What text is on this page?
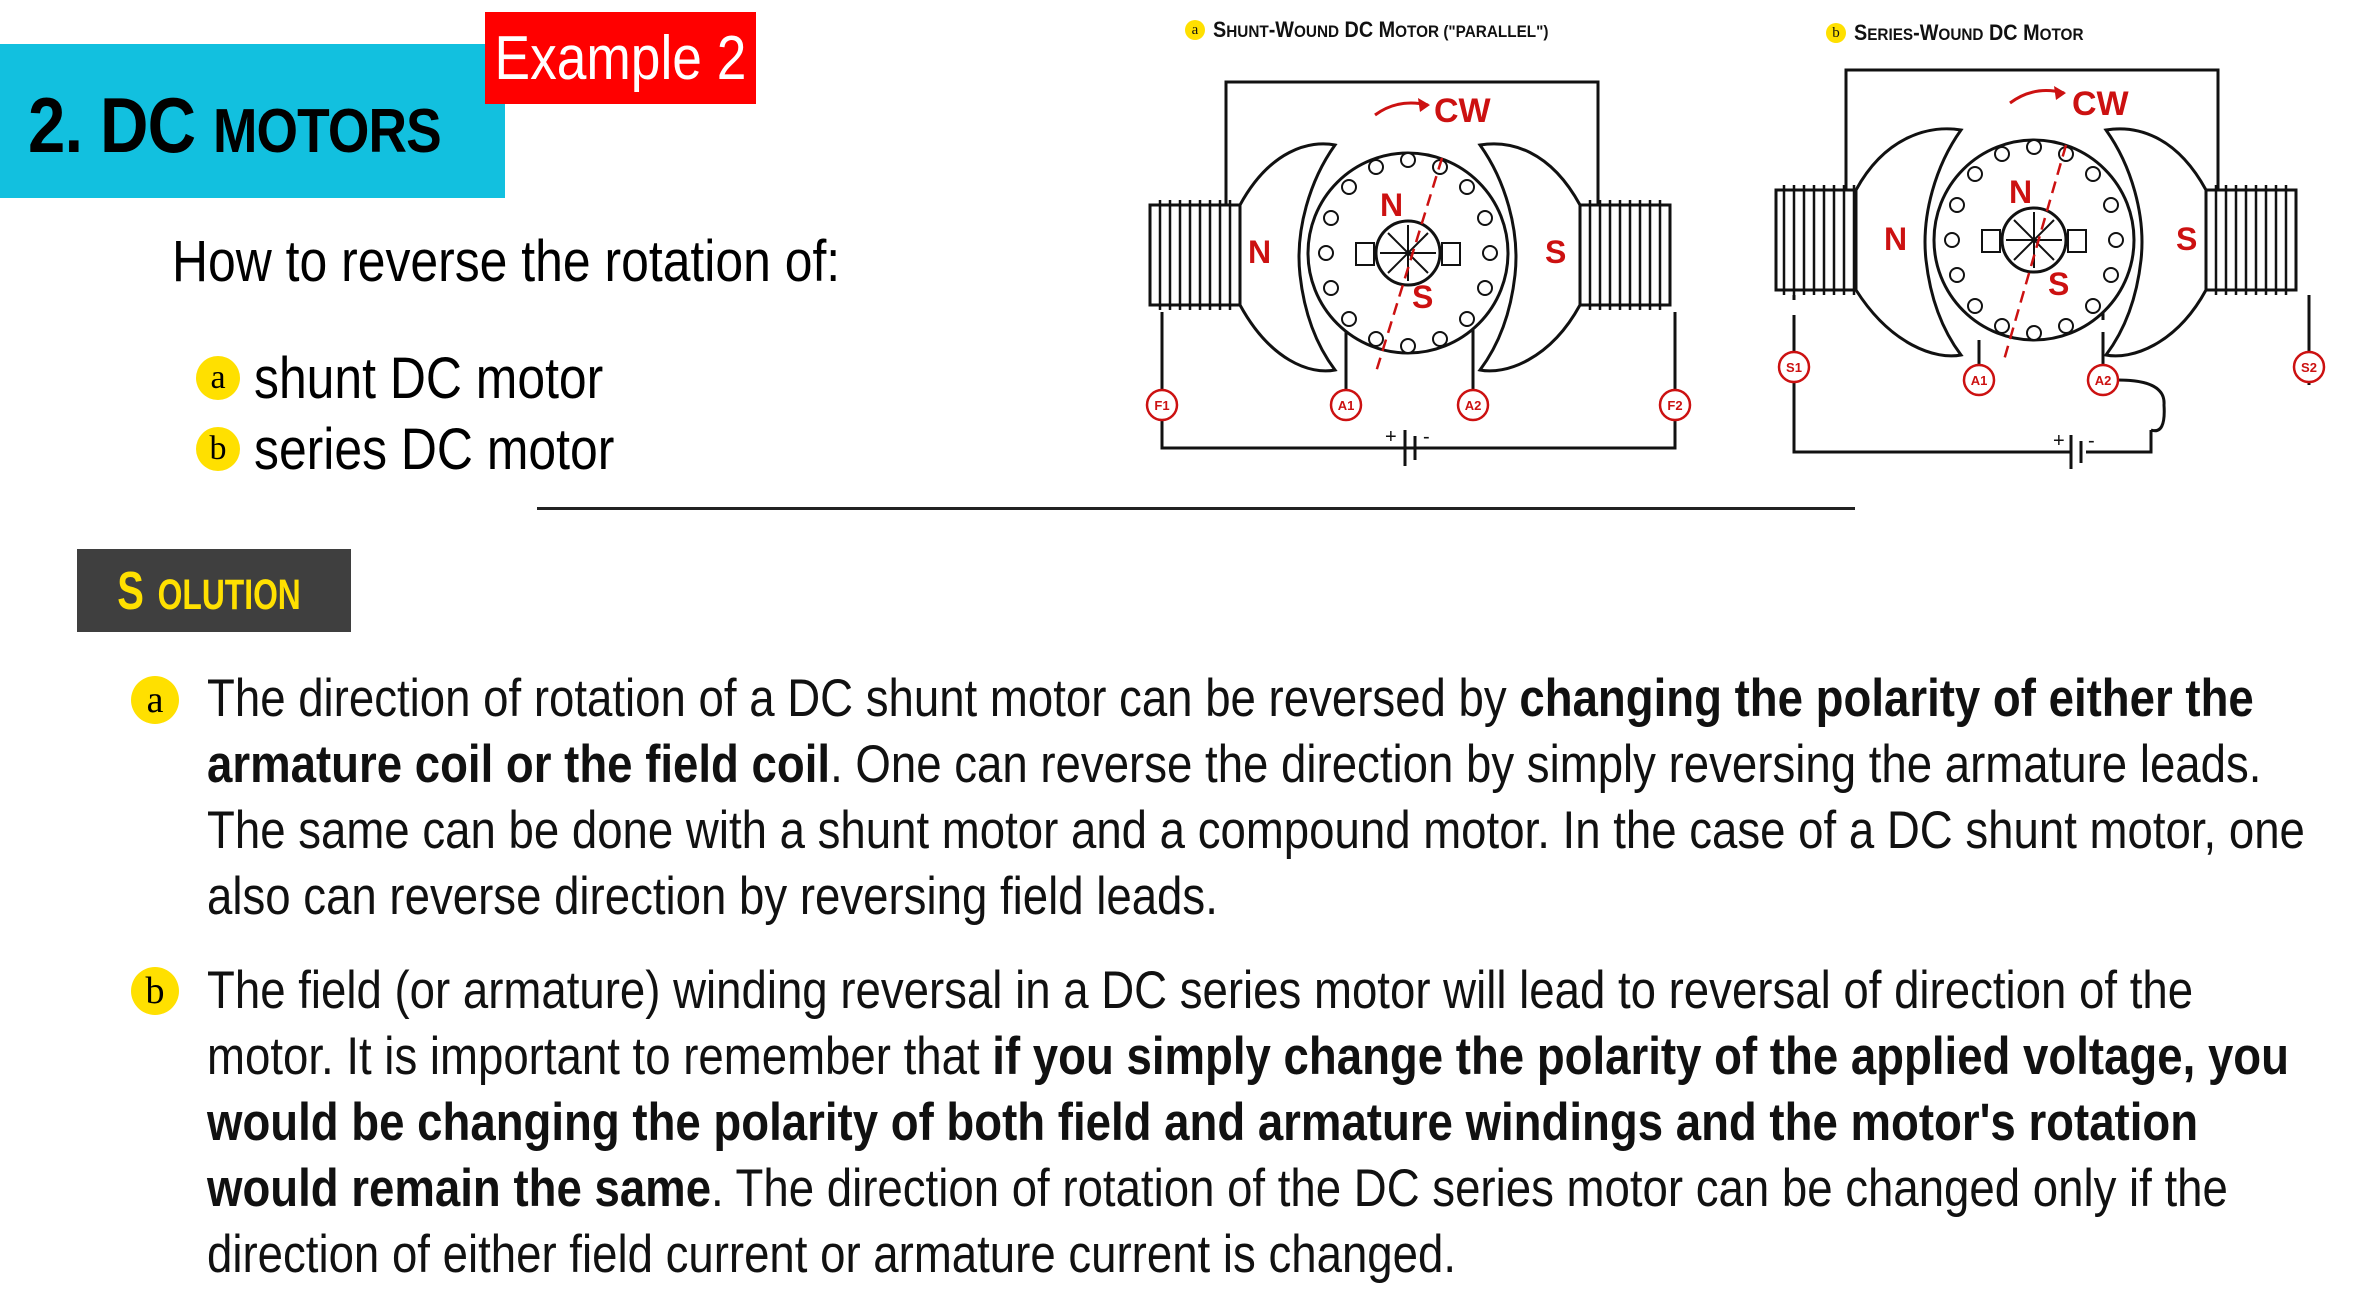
2. DC MOTORS
Example 2
How to reverse the rotation of:
a shunt DC motor
b series DC motor
a SHUNT-WOUND DC MOTOR ("PARALLEL")
CW
N
S
N	S
F1	A1	A2	F2
+ -
b SERIES-WOUND DC MOTOR
CW
N
S
N	S
S1
A1	A2
S2
+ -
S OLUTION
a The direction of rotation of a DC shunt motor can be reversed by changing the polarity of either the
armature coil or the field coil. One can reverse the direction by simply reversing the armature leads.
The same can be done with a shunt motor and a compound motor. In the case of a DC shunt motor, one
also can reverse direction by reversing field leads.
b The field (or armature) winding reversal in a DC series motor will lead to reversal of direction of the
motor. It is important to remember that if you simply change the polarity of the applied voltage, you
would be changing the polarity of both field and armature windings and the motor's rotation
would remain the same. The direction of rotation of the DC series motor can be changed only if the
direction of either field current or armature current is changed.
